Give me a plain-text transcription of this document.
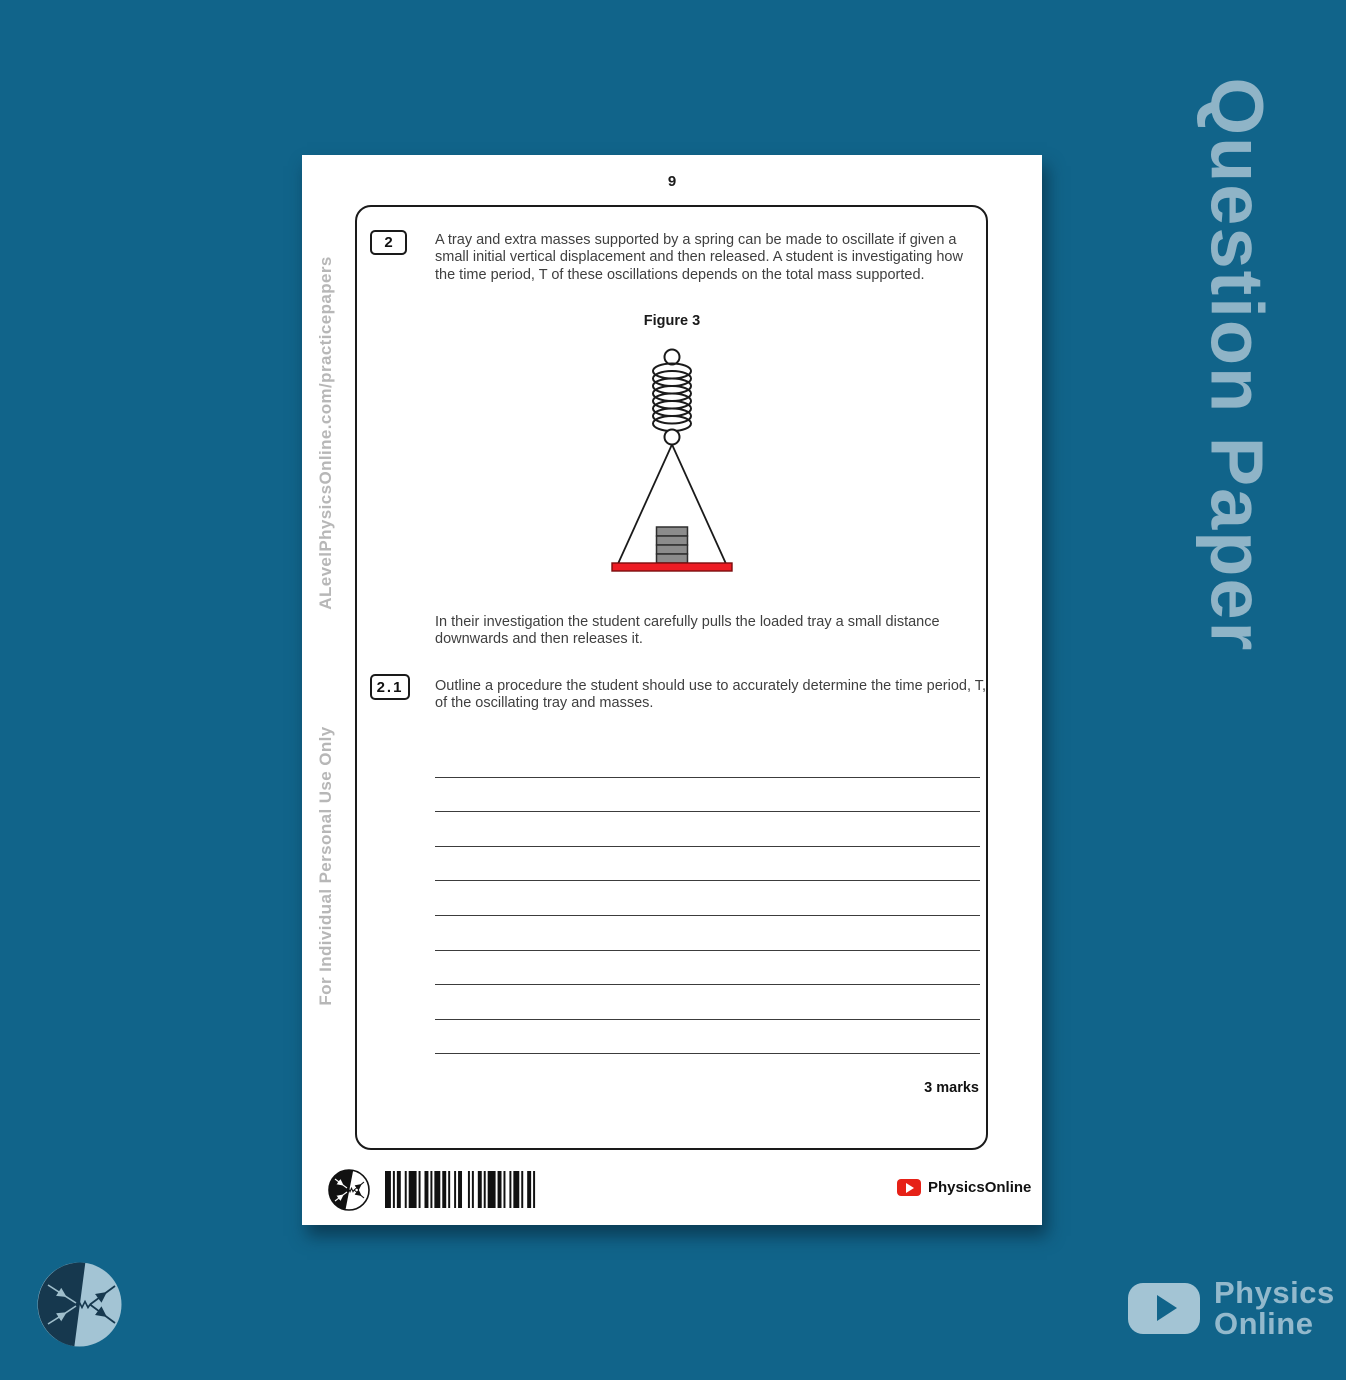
Question Paper
9
2	A tray and extra masses supported by a spring can be made to oscillate if given a small initial vertical displacement and then released. A student is investigating how the time period, T of these oscillations depends on the total mass supported.

Figure 3

In their investigation the student carefully pulls the loaded tray a small distance downwards and then releases it.

2.1 Outline a procedure the student should use to accurately determine the time period, T, of the oscillating tray and masses.

3 marks
PhysicsOnline
ALevelPhysicsOnline.com/practicepapers
For Individual Personal Use Only
Physics
Online
